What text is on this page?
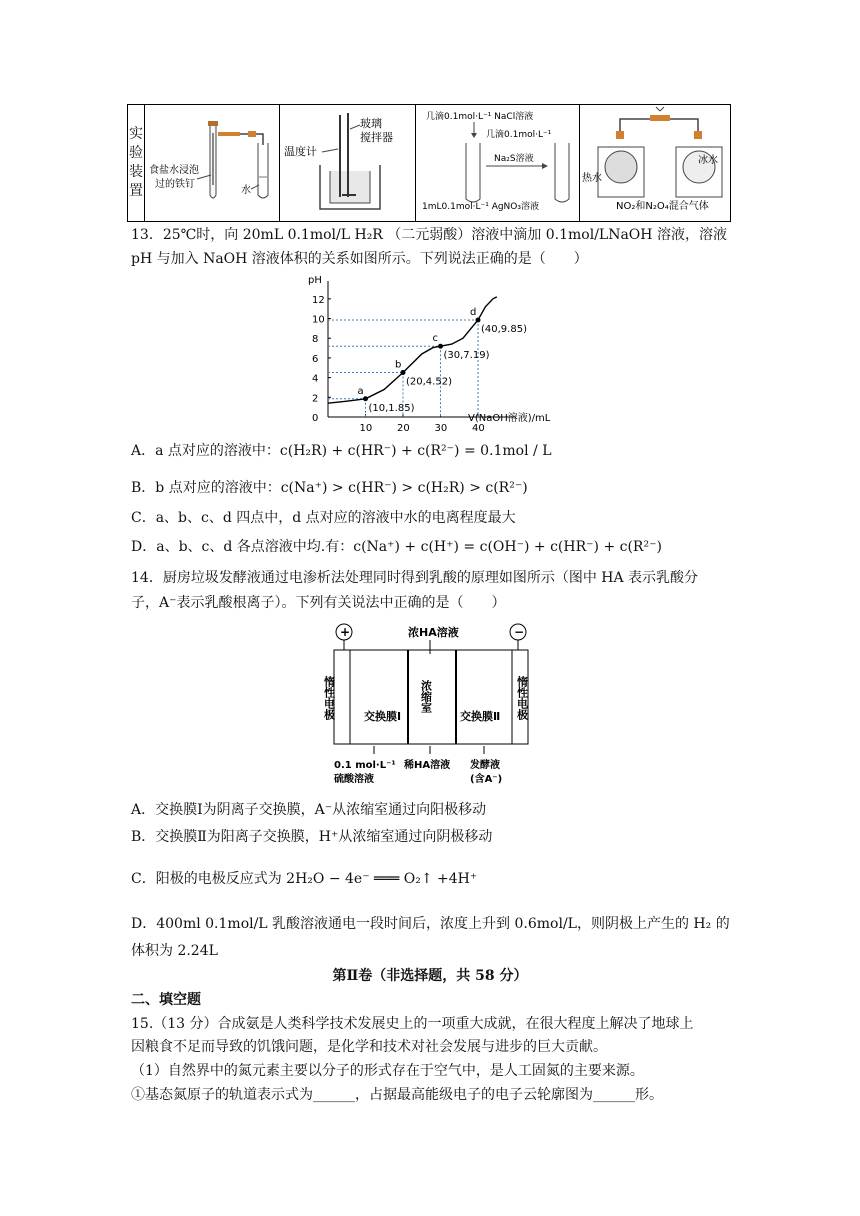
实
验
装
置

食盐水浸泡
过的铁钉
水

温度计
玻璃
搅拌器

几滴0.1mol·L⁻¹ NaCl溶液
几滴0.1mol·L⁻¹
Na₂S溶液
1mL0.1mol·L⁻¹ AgNO₃溶液

热水
冰水
NO₂和N₂O₄混合气体
13．25℃时，向 20mL 0.1mol/L H₂R （二元弱酸）溶液中滴加 0.1mol/LNaOH 溶液，溶液
pH 与加入 NaOH 溶液体积的关系如图所示。下列说法正确的是（　　）
pH
V(NaOH溶液)/mL
0
2
4
6
8
10
12
10 20 30 40
a
(10,1.85)
b
(20,4.52)
c
(30,7.19)
d
(40,9.85)
A．a 点对应的溶液中：c(H₂R) + c(HR⁻) + c(R²⁻) = 0.1mol / L
B．b 点对应的溶液中：c(Na⁺) > c(HR⁻) > c(H₂R) > c(R²⁻)
C．a、b、c、d 四点中，d 点对应的溶液中水的电离程度最大
D．a、b、c、d 各点溶液中均.有：c(Na⁺) + c(H⁺) = c(OH⁻) + c(HR⁻) + c(R²⁻)
14．厨房垃圾发酵液通过电渗析法处理同时得到乳酸的原理如图所示（图中 HA 表示乳酸分
子，A⁻表示乳酸根离子）。下列有关说法中正确的是（　　）
+	−
浓HA溶液
惰性电极	惰性电极
交换膜Ⅰ	交换膜Ⅱ
浓缩室
0.1 mol·L⁻¹
硫酸溶液
稀HA溶液 发酵液
(含A⁻)
A．交换膜Ⅰ为阴离子交换膜，A⁻从浓缩室通过向阳极移动
B．交换膜Ⅱ为阳离子交换膜，H⁺从浓缩室通过向阴极移动
C．阳极的电极反应式为 2H₂O − 4e⁻ ═══ O₂↑ +4H⁺
D．400ml 0.1mol/L 乳酸溶液通电一段时间后，浓度上升到 0.6mol/L，则阴极上产生的 H₂ 的
体积为 2.24L
第Ⅱ卷（非选择题，共 58 分）
二、填空题
15.（13 分）合成氨是人类科学技术发展史上的一项重大成就，在很大程度上解决了地球上
因粮食不足而导致的饥饿问题，是化学和技术对社会发展与进步的巨大贡献。
（1）自然界中的氮元素主要以分子的形式存在于空气中，是人工固氮的主要来源。
①基态氮原子的轨道表示式为______，占据最高能级电子的电子云轮廓图为______形。
